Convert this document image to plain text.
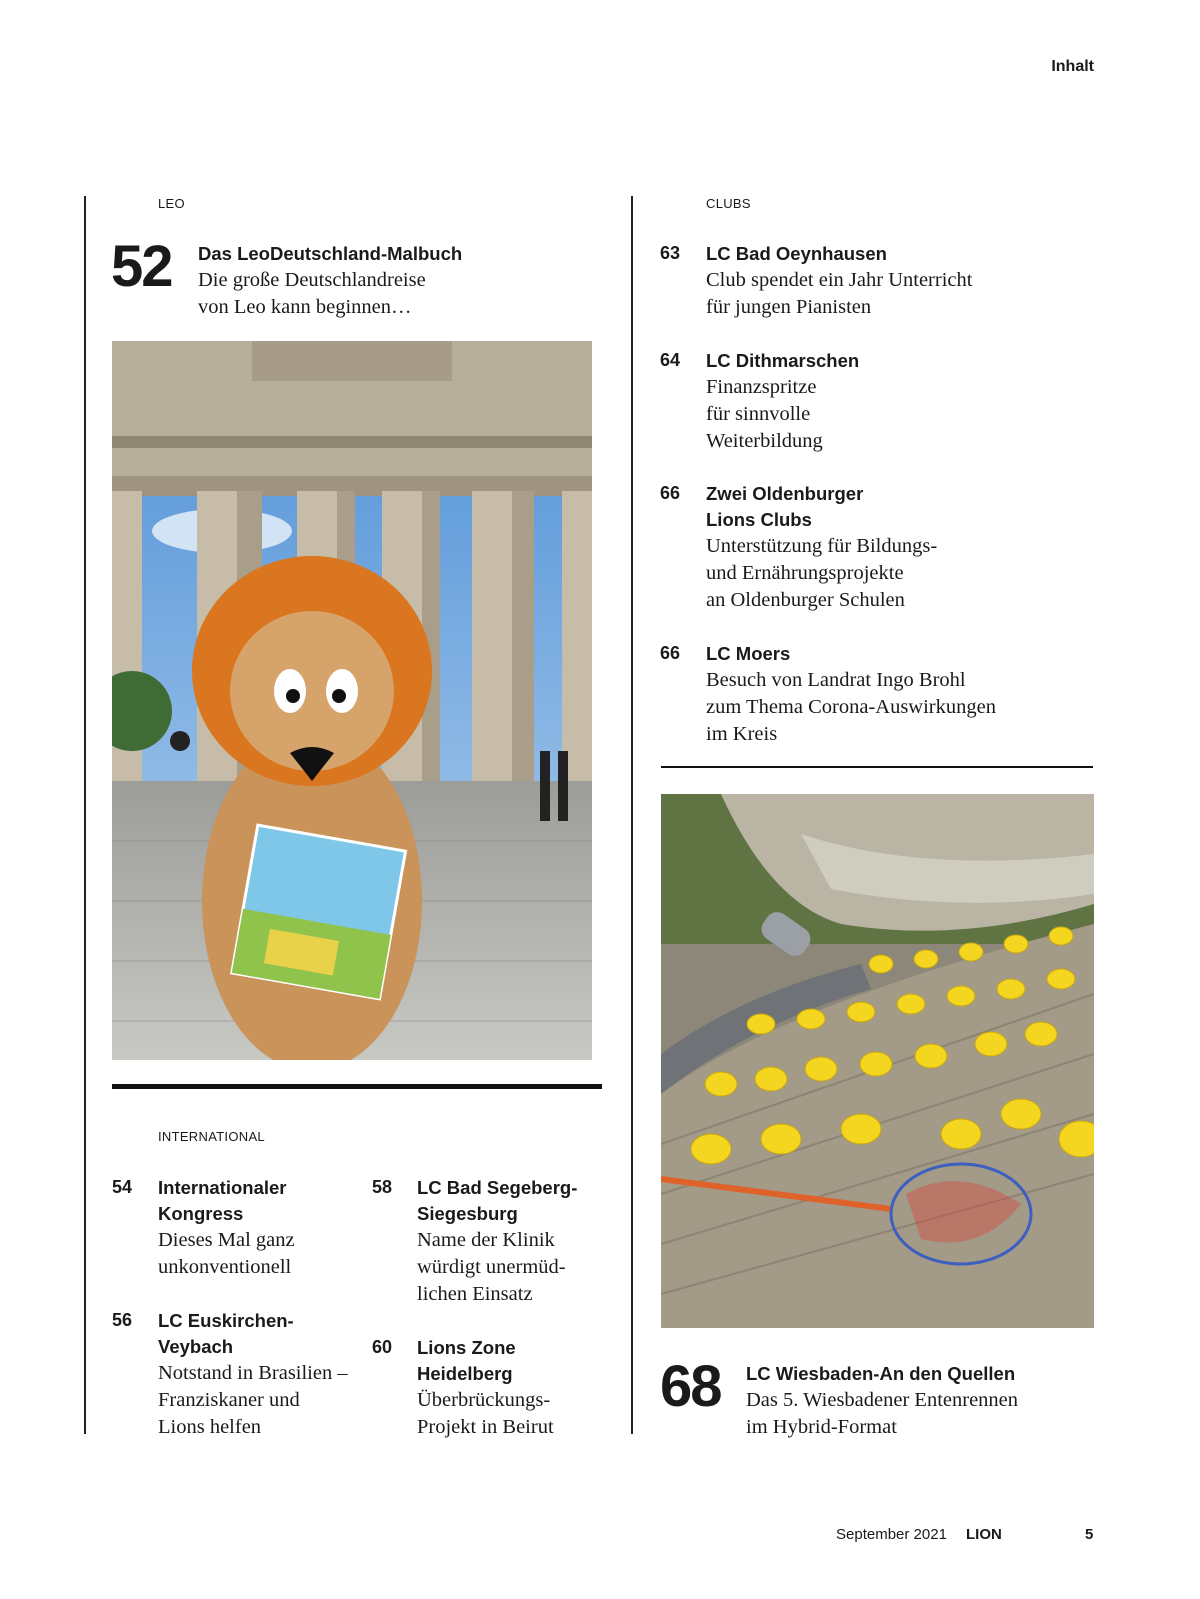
Inhalt
LEO
52 Das LeoDeutschland-Malbuch
Die große Deutschlandreise
von Leo kann beginnen…
INTERNATIONAL
54 Internationaler
Kongress
Dieses Mal ganz
unkonventionell
56 LC Euskirchen-
Veybach
Notstand in Brasilien –
Franziskaner und
Lions helfen
58 LC Bad Segeberg-
Siegesburg
Name der Klinik
würdigt unermüd-
lichen Einsatz
60 Lions Zone
Heidelberg
Überbrückungs-
Projekt in Beirut
CLUBS
63 LC Bad Oeynhausen
Club spendet ein Jahr Unterricht
für jungen Pianisten
64 LC Dithmarschen
Finanzspritze
für sinnvolle
Weiterbildung
66 Zwei Oldenburger
Lions Clubs
Unterstützung für Bildungs-
und Ernährungsprojekte
an Oldenburger Schulen
66 LC Moers
Besuch von Landrat Ingo Brohl
zum Thema Corona-Auswirkungen
im Kreis
68 LC Wiesbaden-An den Quellen
Das 5. Wiesbadener Entenrennen
im Hybrid-Format
September 2021 LION	5
